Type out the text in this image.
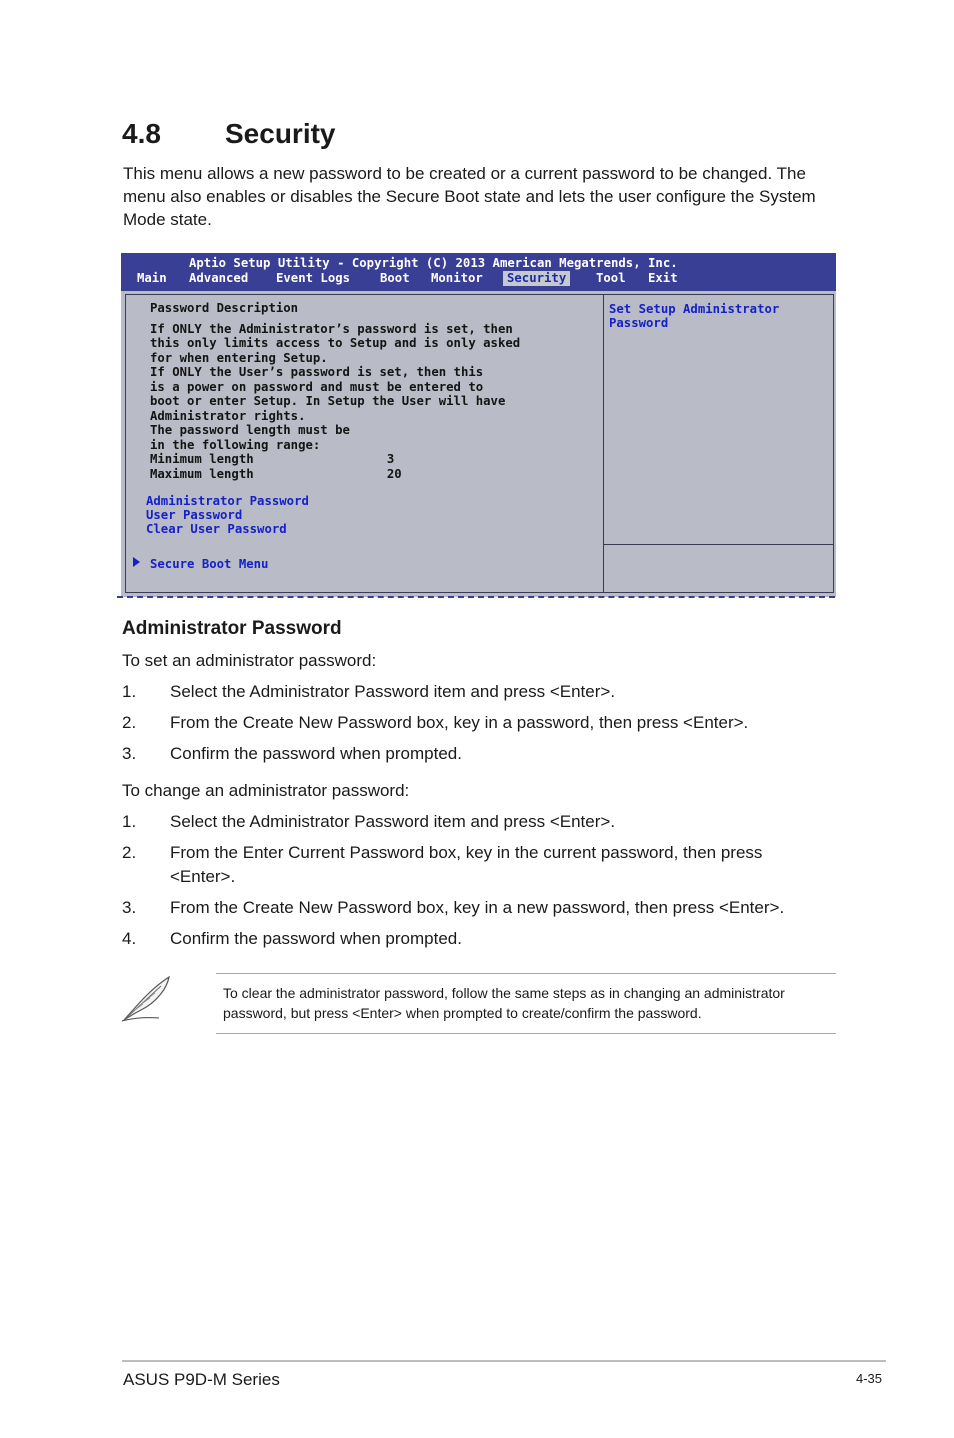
4.8 Security
This menu allows a new password to be created or a current password to be changed. The menu also enables or disables the Secure Boot state and lets the user configure the System Mode state.
Aptio Setup Utility - Copyright (C) 2013 American Megatrends, Inc.
Main	Advanced	Event Logs	Boot	Monitor	Security	Tool	Exit
Password Description

If ONLY the Administrator’s password is set, then
this only limits access to Setup and is only asked
for when entering Setup.
If ONLY the User’s password is set, then this
is a power on password and must be entered to
boot or enter Setup. In Setup the User will have
Administrator rights.
The password length must be
in the following range:
Minimum length                  3
Maximum length                  20
Administrator Password
User Password
Clear User Password
Secure Boot Menu
Set Setup Administrator
Password
Administrator Password
To set an administrator password:
1. Select the Administrator Password item and press <Enter>.
2. From the Create New Password box, key in a password, then press <Enter>.
3. Confirm the password when prompted.
To change an administrator password:
1. Select the Administrator Password item and press <Enter>.
2. From the Enter Current Password box, key in the current password, then press
<Enter>.
3. From the Create New Password box, key in a new password, then press <Enter>.
4. Confirm the password when prompted.
To clear the administrator password, follow the same steps as in changing an administrator password, but press <Enter> when prompted to create/confirm the password.
ASUS P9D-M Series	4-35
